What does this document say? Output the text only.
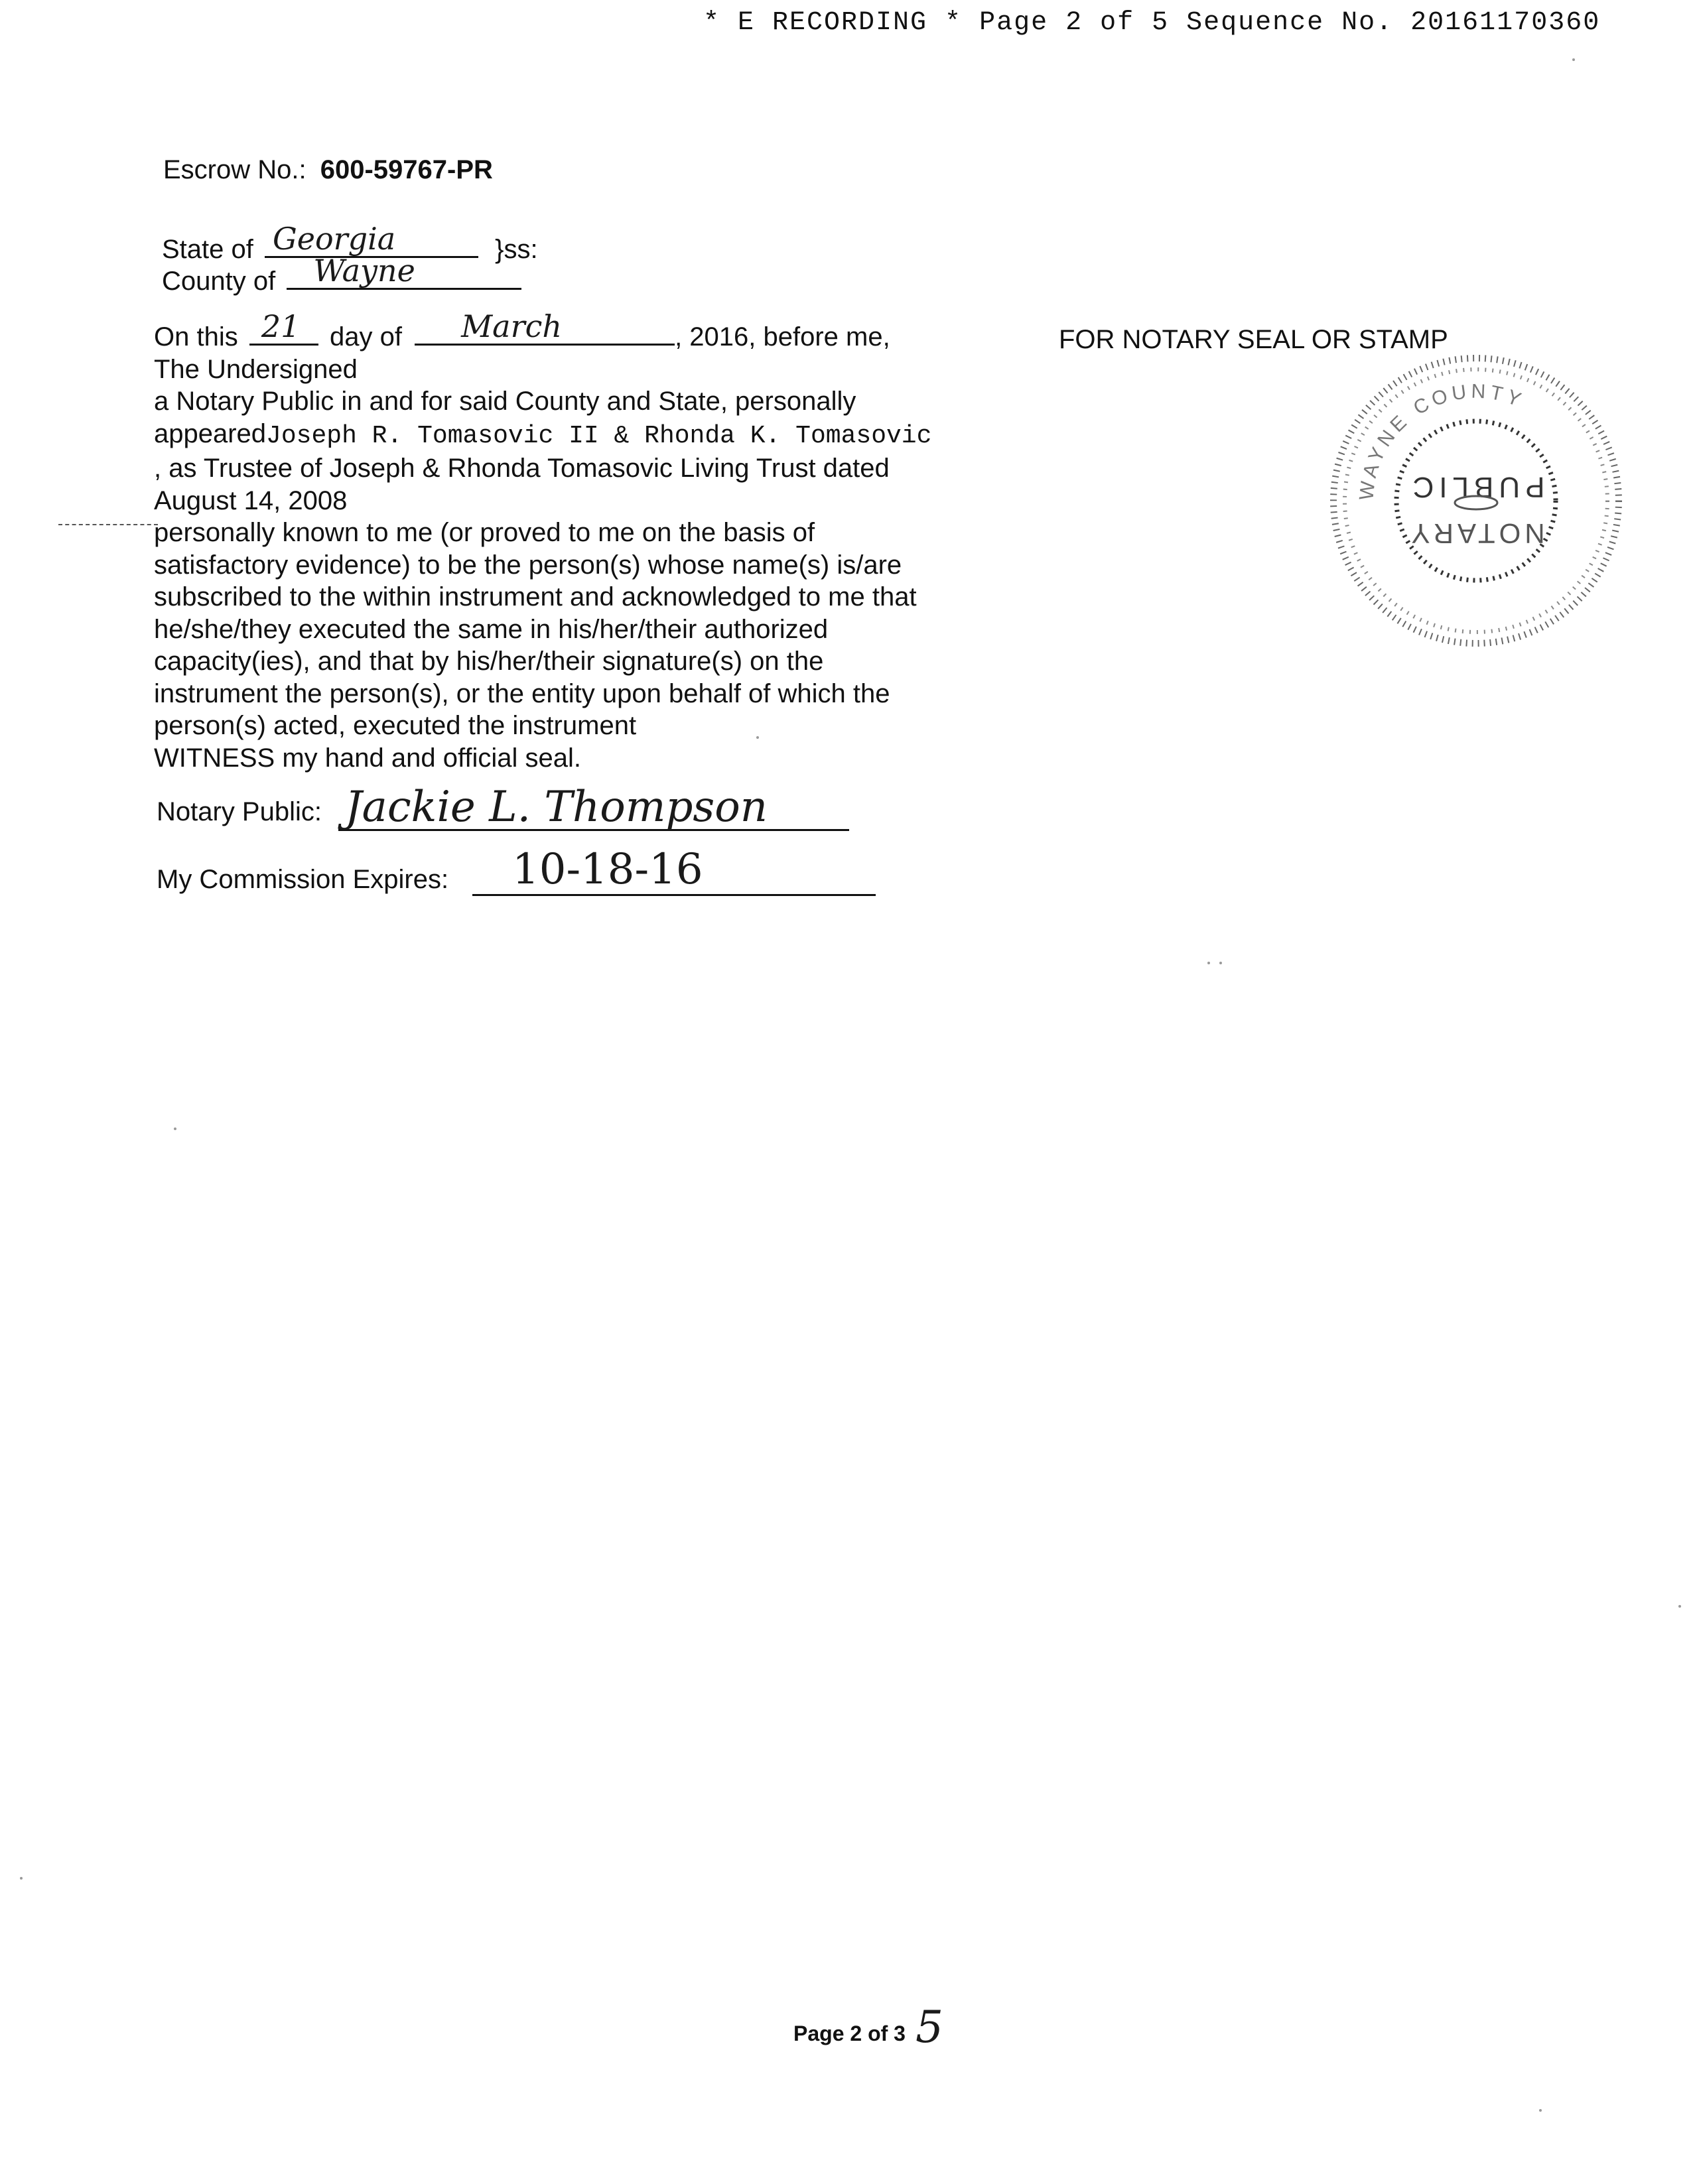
* E RECORDING * Page 2 of 5 Sequence No. 20161170360
Escrow No.: 600-59767-PR
State of Georgia	}ss:
County of Wayne
On this 21 day of March	, 2016, before me,
The Undersigned
a Notary Public in and for said County and State, personally
appearedJoseph R. Tomasovic II & Rhonda K. Tomasovic
, as Trustee of Joseph & Rhonda Tomasovic Living Trust dated
August 14, 2008
personally known to me (or proved to me on the basis of
satisfactory evidence) to be the person(s) whose name(s) is/are
subscribed to the within instrument and acknowledged to me that
he/she/they executed the same in his/her/their authorized
capacity(ies), and that by his/her/their signature(s) on the
instrument the person(s), or the entity upon behalf of which the
person(s) acted, executed the instrument
WITNESS my hand and official seal.
FOR NOTARY SEAL OR STAMP
WAYNE COUNTY
PUBLIC
NOTARY
Notary Public: Jackie L. Thompson
My Commission Expires: 10-18-16
Page 2 of 3 5
